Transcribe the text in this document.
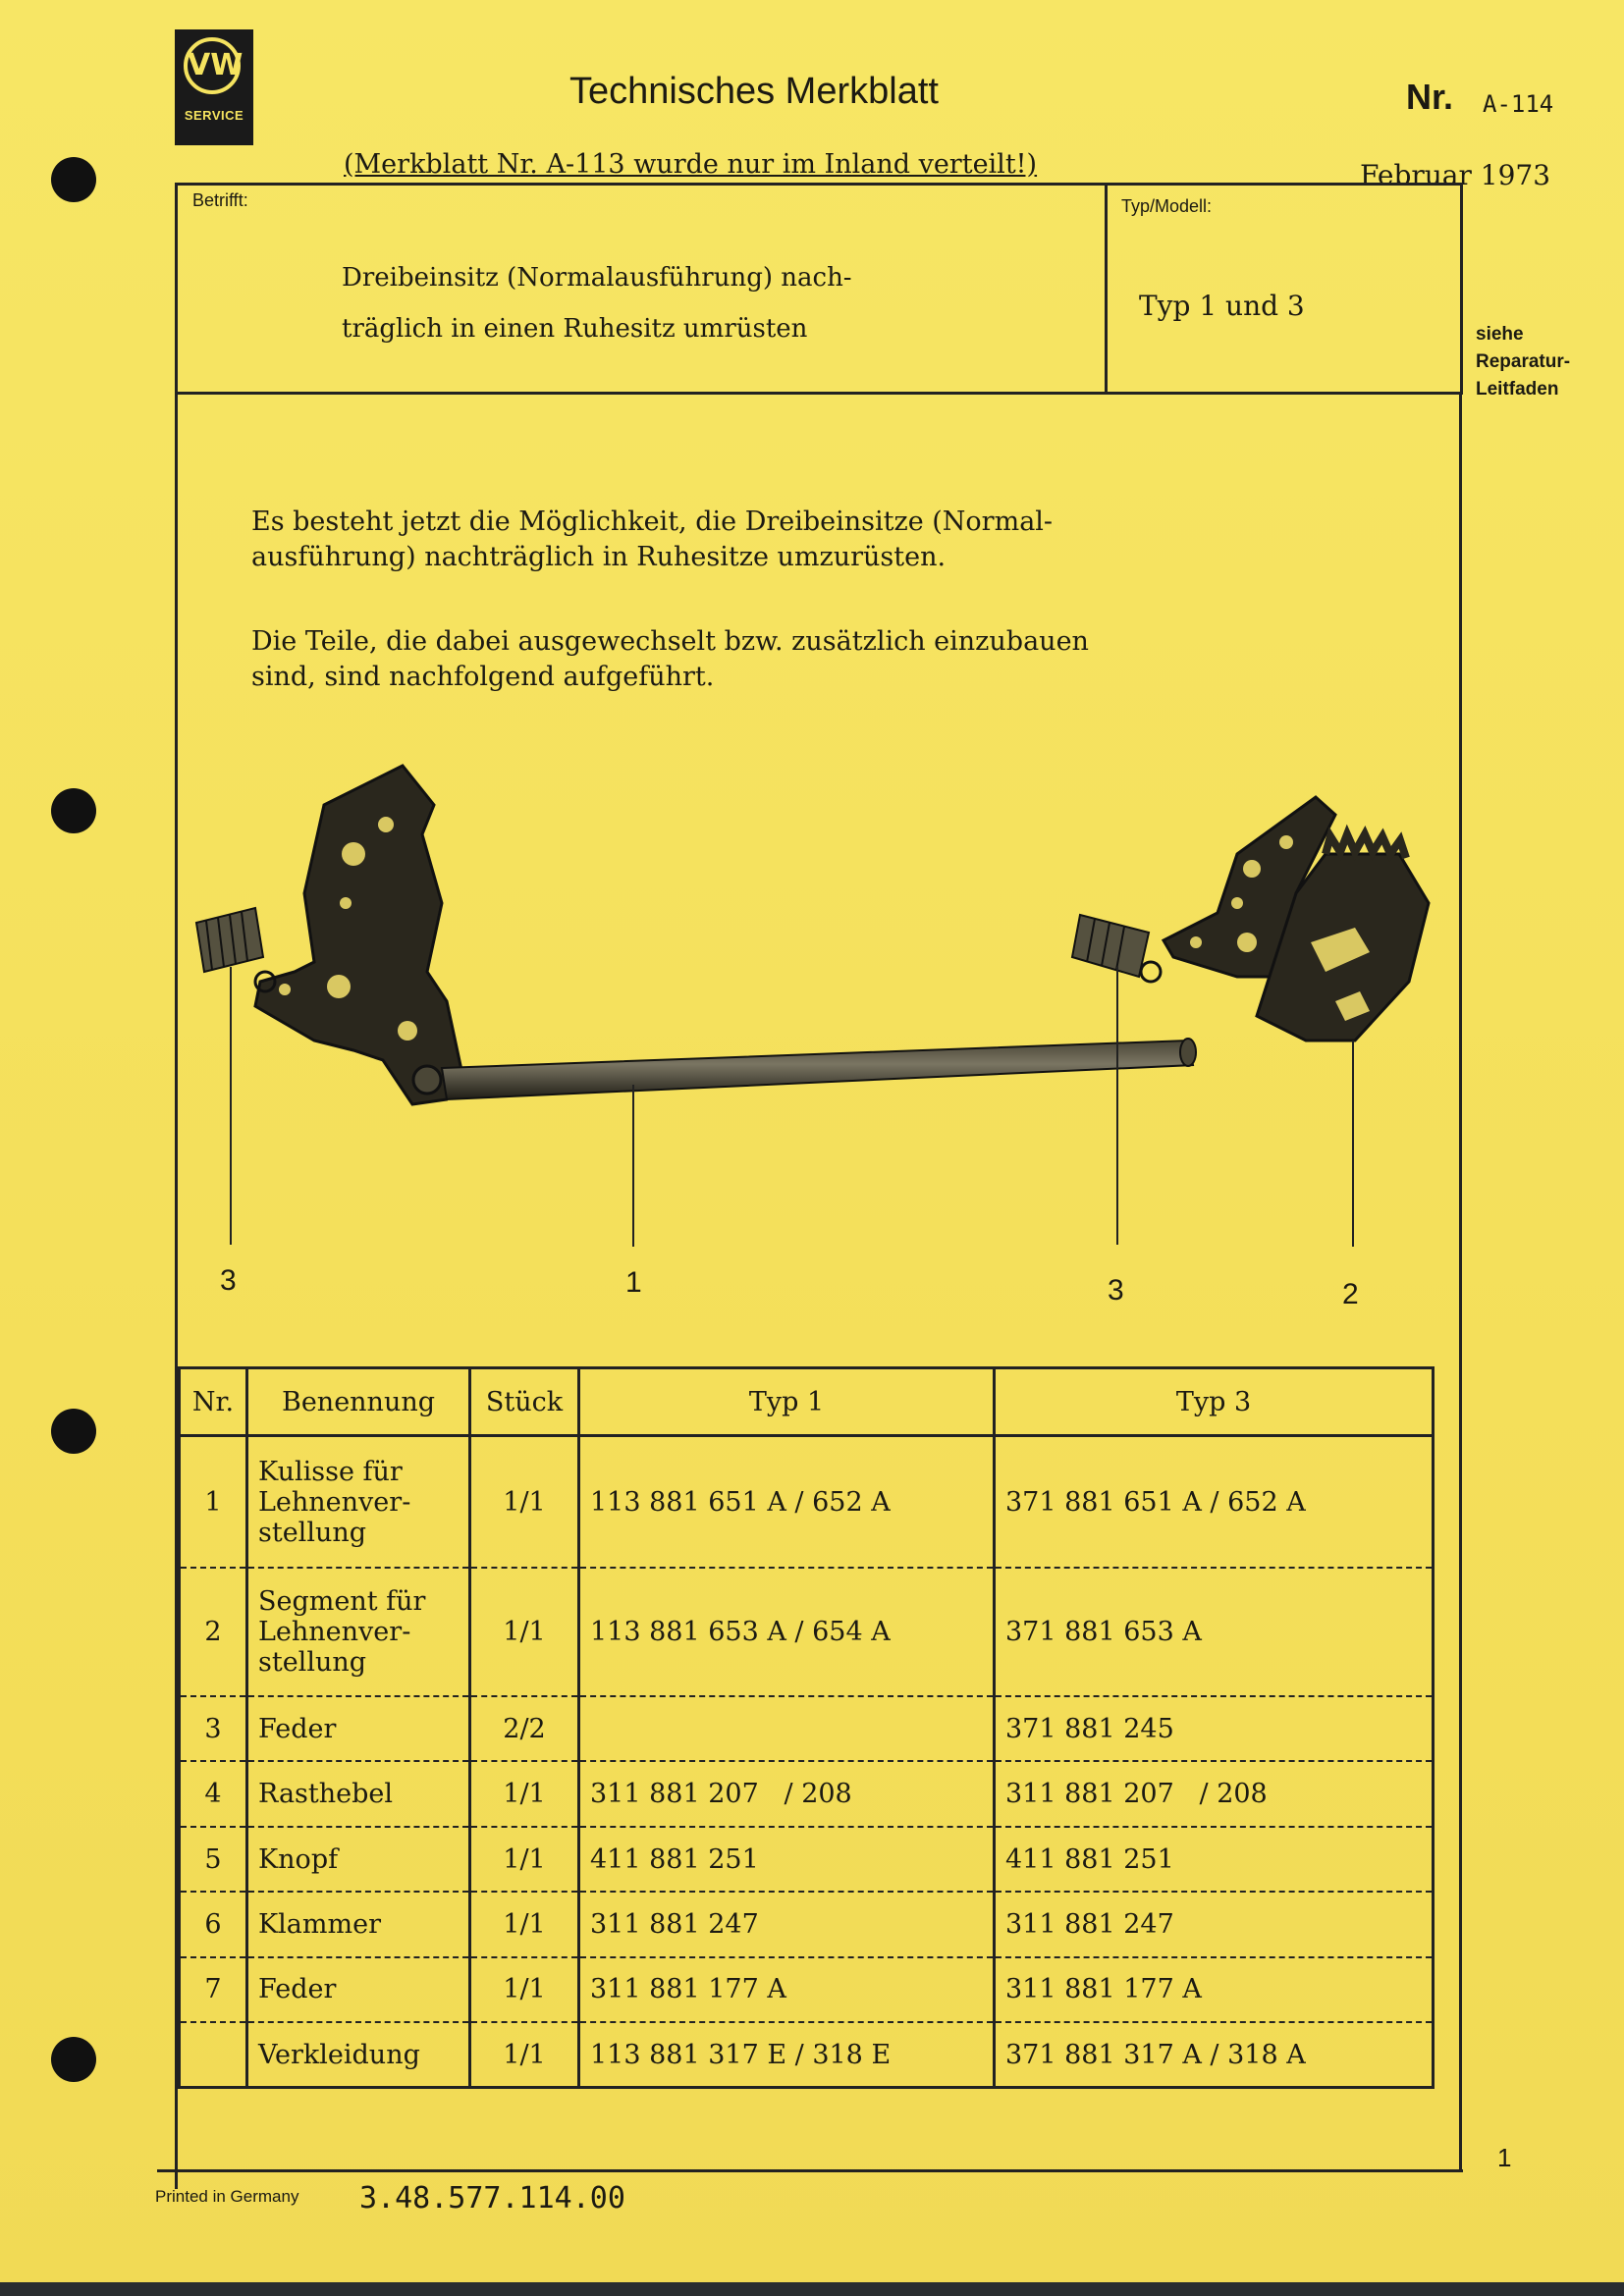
VW
SERVICE
Technisches Merkblatt	Nr. A-114
(Merkblatt Nr. A-113 wurde nur im Inland verteilt!)	Februar 1973
Betrifft:	Typ/Modell:
Dreibeinsitz (Normalausführung) nach-
träglich in einen Ruhesitz umrüsten
Typ 1 und 3
siehe
Reparatur-
Leitfaden
Es besteht jetzt die Möglichkeit, die Dreibeinsitze (Normal-
ausführung) nachträglich in Ruhesitze umzurüsten.
Die Teile, die dabei ausgewechselt bzw. zusätzlich einzubauen
sind, sind nachfolgend aufgeführt.
3	1	3	2
Nr.	Benennung	Stück	Typ 1	Typ 3
1	Kulisse für
Lehnenver-
stellung	1/1	113 881 651 A / 652 A	371 881 651 A / 652 A
2	Segment für
Lehnenver-
stellung	1/1	113 881 653 A / 654 A	371 881 653 A
3	Feder	2/2		371 881 245
4	Rasthebel	1/1	311 881 207   / 208	311 881 207   / 208
5	Knopf	1/1	411 881 251	411 881 251
6	Klammer	1/1	311 881 247	311 881 247
7	Feder	1/1	311 881 177 A	311 881 177 A

	Verkleidung	1/1	113 881 317 E / 318 E	371 881 317 A / 318 A
1
Printed in Germany 3.48.577.114.00
